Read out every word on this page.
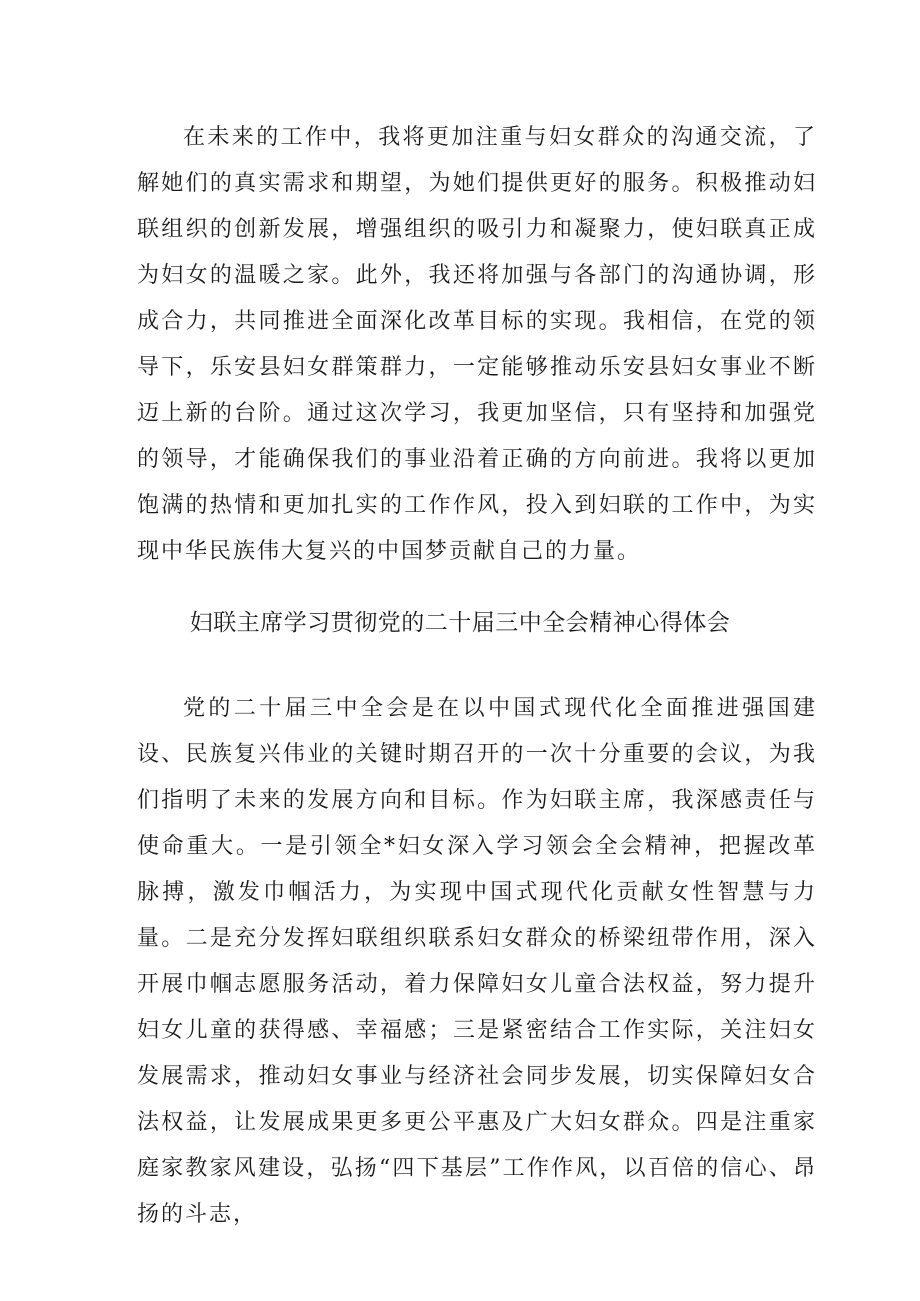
在未来的工作中，我将更加注重与妇女群众的沟通交流，了解她们的真实需求和期望，为她们提供更好的服务。积极推动妇联组织的创新发展，增强组织的吸引力和凝聚力，使妇联真正成为妇女的温暖之家。此外，我还将加强与各部门的沟通协调，形成合力，共同推进全面深化改革目标的实现。我相信，在党的领导下，乐安县妇女群策群力，一定能够推动乐安县妇女事业不断迈上新的台阶。通过这次学习，我更加坚信，只有坚持和加强党的领导，才能确保我们的事业沿着正确的方向前进。我将以更加饱满的热情和更加扎实的工作作风，投入到妇联的工作中，为实现中华民族伟大复兴的中国梦贡献自己的力量。

妇联主席学习贯彻党的二十届三中全会精神心得体会

党的二十届三中全会是在以中国式现代化全面推进强国建设、民族复兴伟业的关键时期召开的一次十分重要的会议，为我们指明了未来的发展方向和目标。作为妇联主席，我深感责任与使命重大。一是引领全*妇女深入学习领会全会精神，把握改革脉搏，激发巾帼活力，为实现中国式现代化贡献女性智慧与力量。二是充分发挥妇联组织联系妇女群众的桥梁纽带作用，深入开展巾帼志愿服务活动，着力保障妇女儿童合法权益，努力提升妇女儿童的获得感、幸福感；三是紧密结合工作实际，关注妇女发展需求，推动妇女事业与经济社会同步发展，切实保障妇女合法权益，让发展成果更多更公平惠及广大妇女群众。四是注重家庭家教家风建设，弘扬“四下基层”工作作风，以百倍的信心、昂扬的斗志，
